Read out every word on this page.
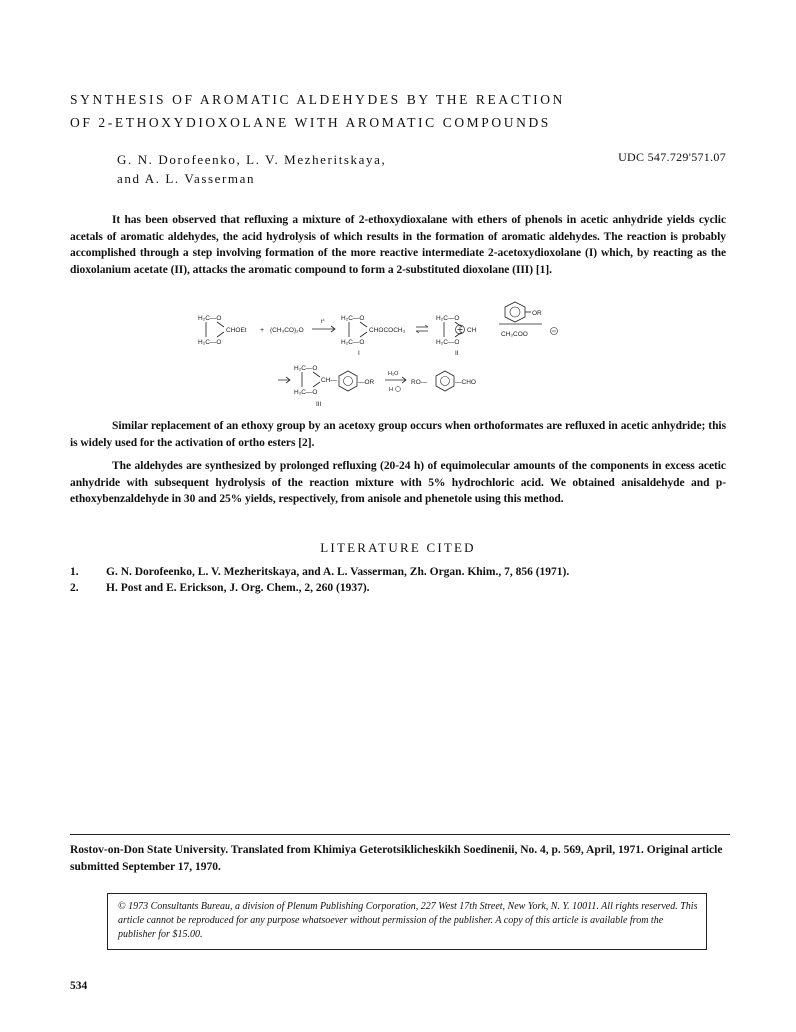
SYNTHESIS OF AROMATIC ALDEHYDES BY THE REACTION
OF 2-ETHOXYDIOXOLANE WITH AROMATIC COMPOUNDS
G. N. Dorofeenko, L. V. Mezheritskaya,
and A. L. Vasserman
UDC 547.729'571.07

It has been observed that refluxing a mixture of 2-ethoxydioxalane with ethers of phenols in acetic anhydride yields cyclic acetals of aromatic aldehydes, the acid hydrolysis of which results in the formation of aromatic aldehydes. The reaction is probably accomplished through a step involving formation of the more reactive intermediate 2-acetoxydioxolane (I) which, by reacting as the dioxolanium acetate (II), attacks the aromatic compound to form a 2-substituted dioxolane (III) [1].

H₂C—O
H₂C—O
CHOEt + (CH₃CO)₂O
t°	H₂C—O
H₂C—O
CHOCOCH₃
I
H₂C—O
H₂C—O
CH
II
OR
CH₃COO
H₂C—O
H₂C—O
CH—	—OR
III
H₂O
H
RO—	—CHO

Similar replacement of an ethoxy group by an acetoxy group occurs when orthoformates are refluxed in acetic anhydride; this is widely used for the activation of ortho esters [2].

The aldehydes are synthesized by prolonged refluxing (20-24 h) of equimolecular amounts of the components in excess acetic anhydride with subsequent hydrolysis of the reaction mixture with 5% hydrochloric acid. We obtained anisaldehyde and p-ethoxybenzaldehyde in 30 and 25% yields, respectively, from anisole and phenetole using this method.

LITERATURE CITED
1. G. N. Dorofeenko, L. V. Mezheritskaya, and A. L. Vasserman, Zh. Organ. Khim., 7, 856 (1971).
2. H. Post and E. Erickson, J. Org. Chem., 2, 260 (1937).

Rostov-on-Don State University. Translated from Khimiya Geterotsiklicheskikh Soedinenii, No. 4, p. 569, April, 1971. Original article submitted September 17, 1970.

© 1973 Consultants Bureau, a division of Plenum Publishing Corporation, 227 West 17th Street, New York, N. Y. 10011. All rights reserved. This article cannot be reproduced for any purpose whatsoever without permission of the publisher. A copy of this article is available from the publisher for $15.00.
534
